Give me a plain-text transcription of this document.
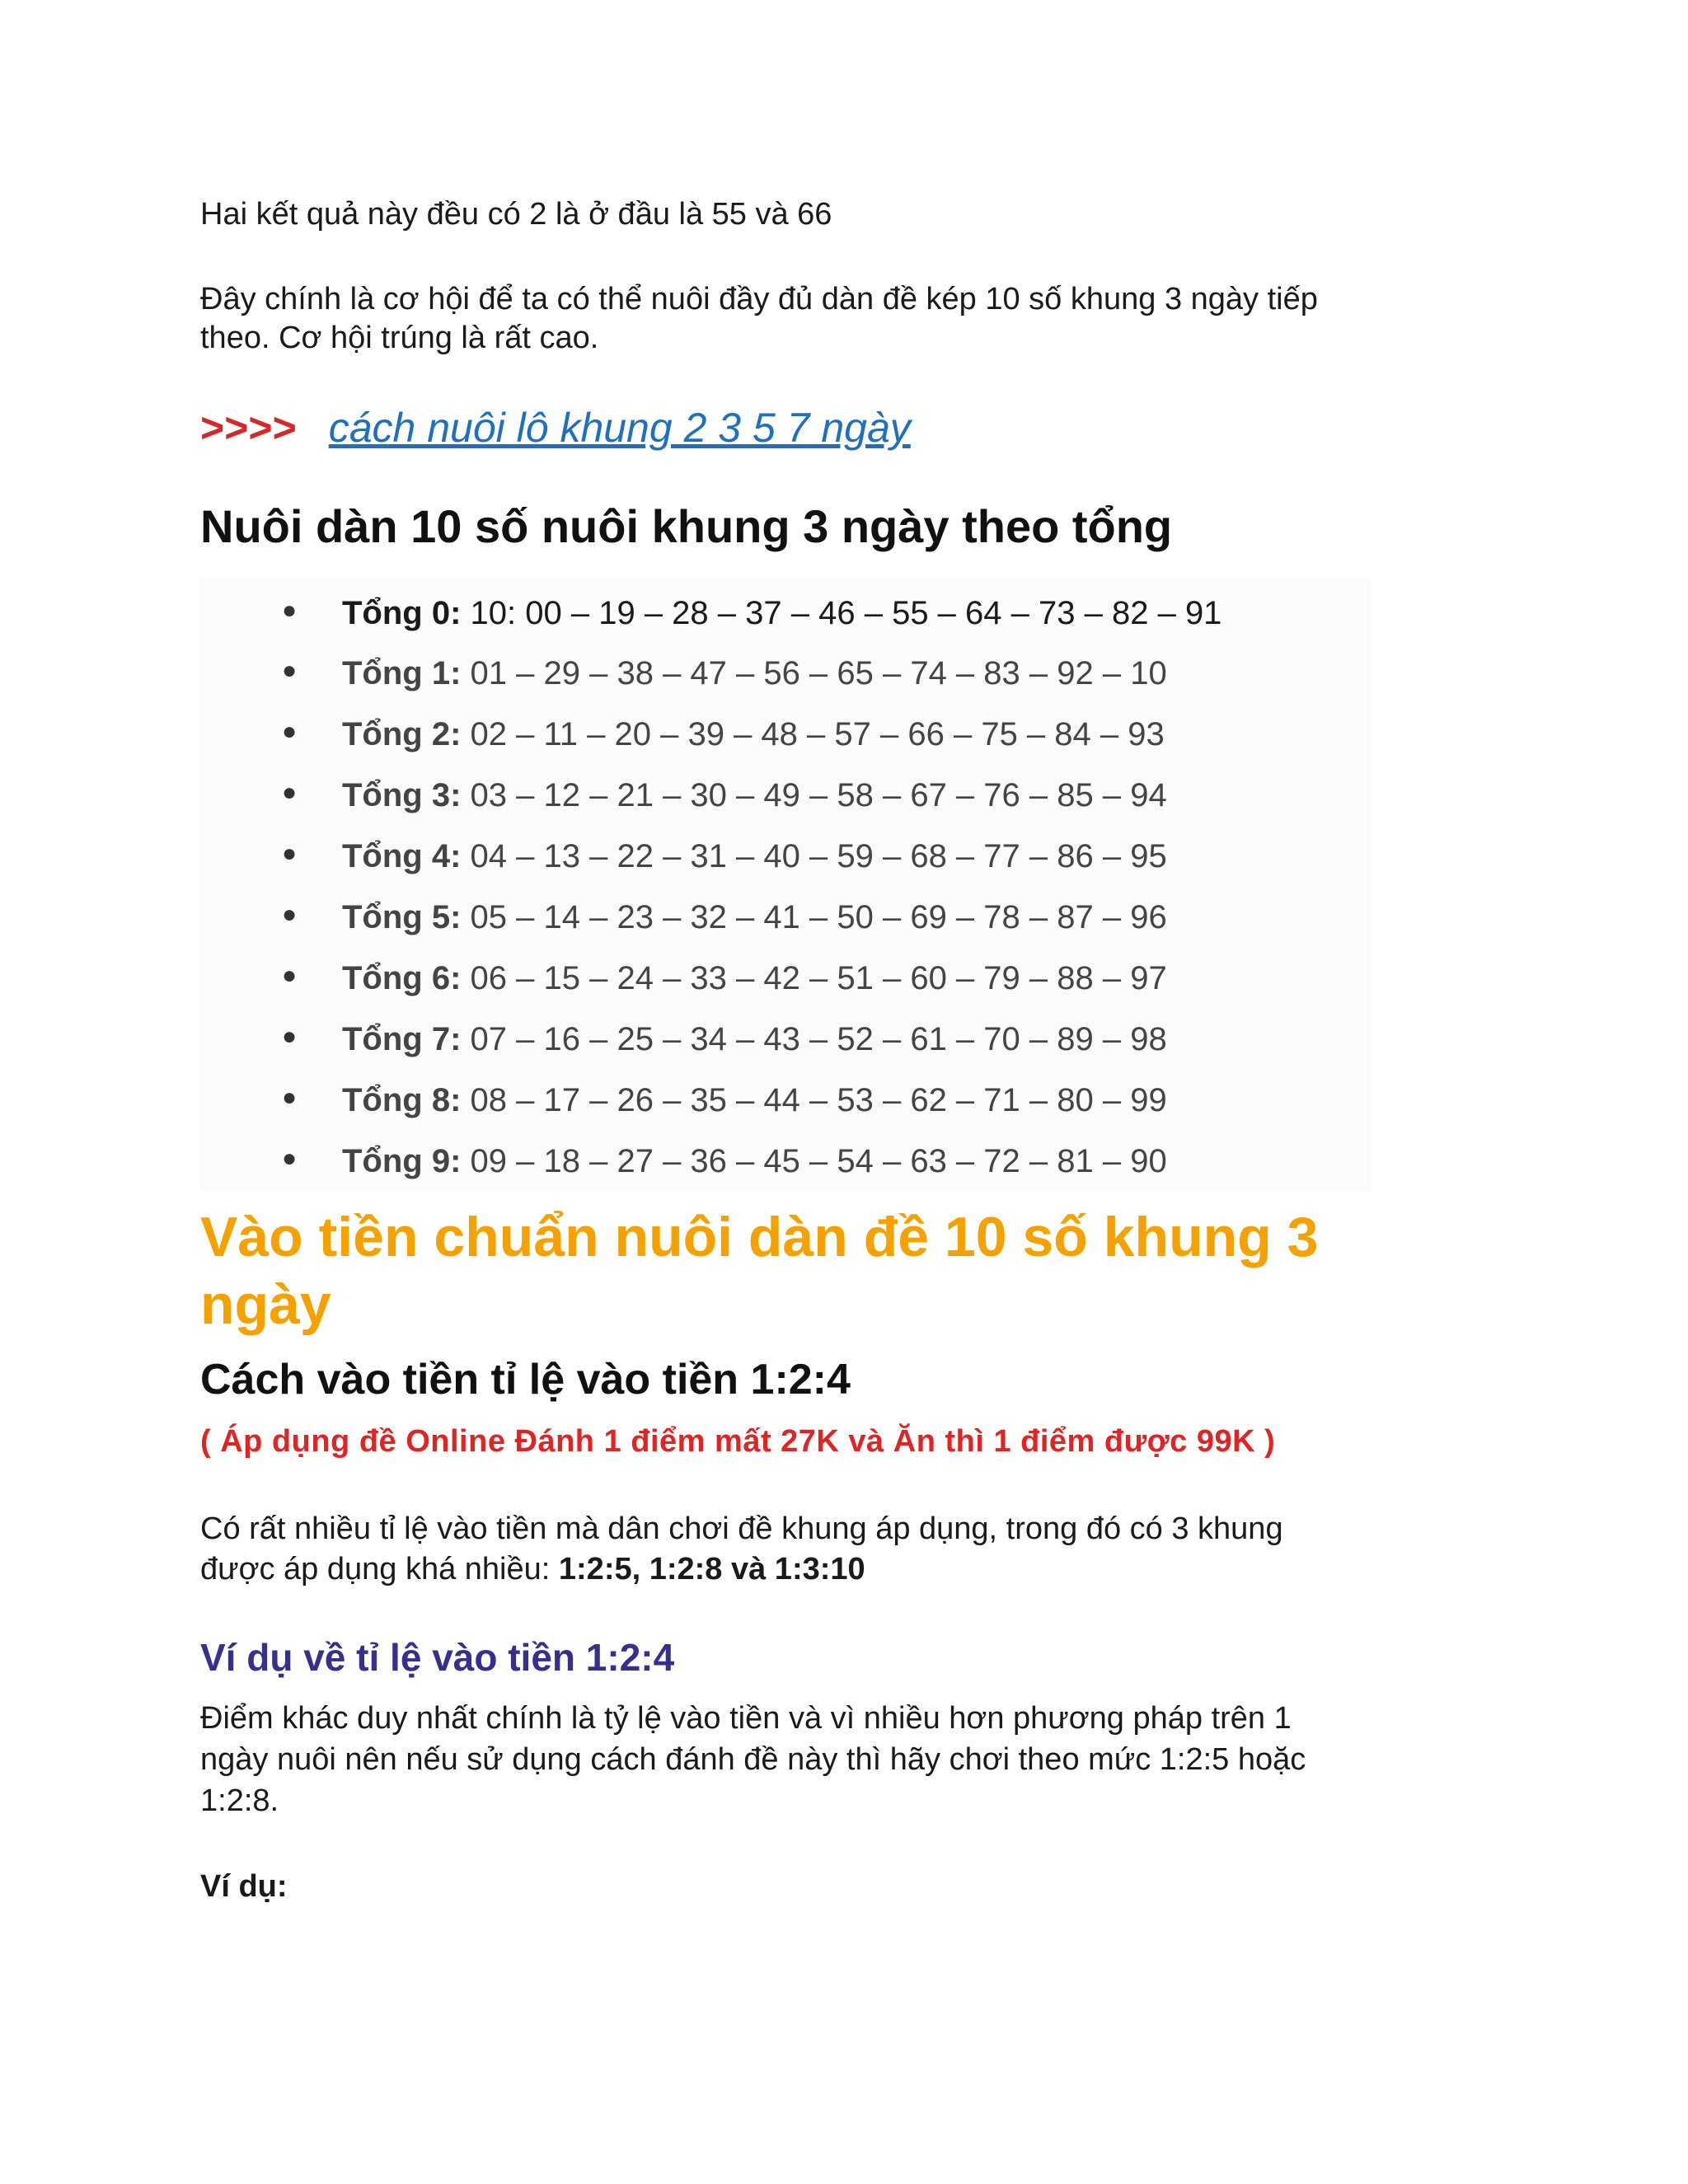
Hai kết quả này đều có 2 là ở đầu là 55 và 66
Đây chính là cơ hội để ta có thể nuôi đầy đủ dàn đề kép 10 số khung 3 ngày tiếp
theo. Cơ hội trúng là rất cao.
>>>> cách nuôi lô khung 2 3 5 7 ngày
Nuôi dàn 10 số nuôi khung 3 ngày theo tổng
● Tổng 0: 10: 00 – 19 – 28 – 37 – 46 – 55 – 64 – 73 – 82 – 91
● Tổng 1: 01 – 29 – 38 – 47 – 56 – 65 – 74 – 83 – 92 – 10
● Tổng 2: 02 – 11 – 20 – 39 – 48 – 57 – 66 – 75 – 84 – 93
● Tổng 3: 03 – 12 – 21 – 30 – 49 – 58 – 67 – 76 – 85 – 94
● Tổng 4: 04 – 13 – 22 – 31 – 40 – 59 – 68 – 77 – 86 – 95
● Tổng 5: 05 – 14 – 23 – 32 – 41 – 50 – 69 – 78 – 87 – 96
● Tổng 6: 06 – 15 – 24 – 33 – 42 – 51 – 60 – 79 – 88 – 97
● Tổng 7: 07 – 16 – 25 – 34 – 43 – 52 – 61 – 70 – 89 – 98
● Tổng 8: 08 – 17 – 26 – 35 – 44 – 53 – 62 – 71 – 80 – 99
● Tổng 9: 09 – 18 – 27 – 36 – 45 – 54 – 63 – 72 – 81 – 90
Vào tiền chuẩn nuôi dàn đề 10 số khung 3
ngày
Cách vào tiền tỉ lệ vào tiền 1:2:4
( Áp dụng đề Online Đánh 1 điểm mất 27K và Ăn thì 1 điểm được 99K )
Có rất nhiều tỉ lệ vào tiền mà dân chơi đề khung áp dụng, trong đó có 3 khung
được áp dụng khá nhiều: 1:2:5, 1:2:8 và 1:3:10
Ví dụ về tỉ lệ vào tiền 1:2:4
Điểm khác duy nhất chính là tỷ lệ vào tiền và vì nhiều hơn phương pháp trên 1
ngày nuôi nên nếu sử dụng cách đánh đề này thì hãy chơi theo mức 1:2:5 hoặc
1:2:8.
Ví dụ:
